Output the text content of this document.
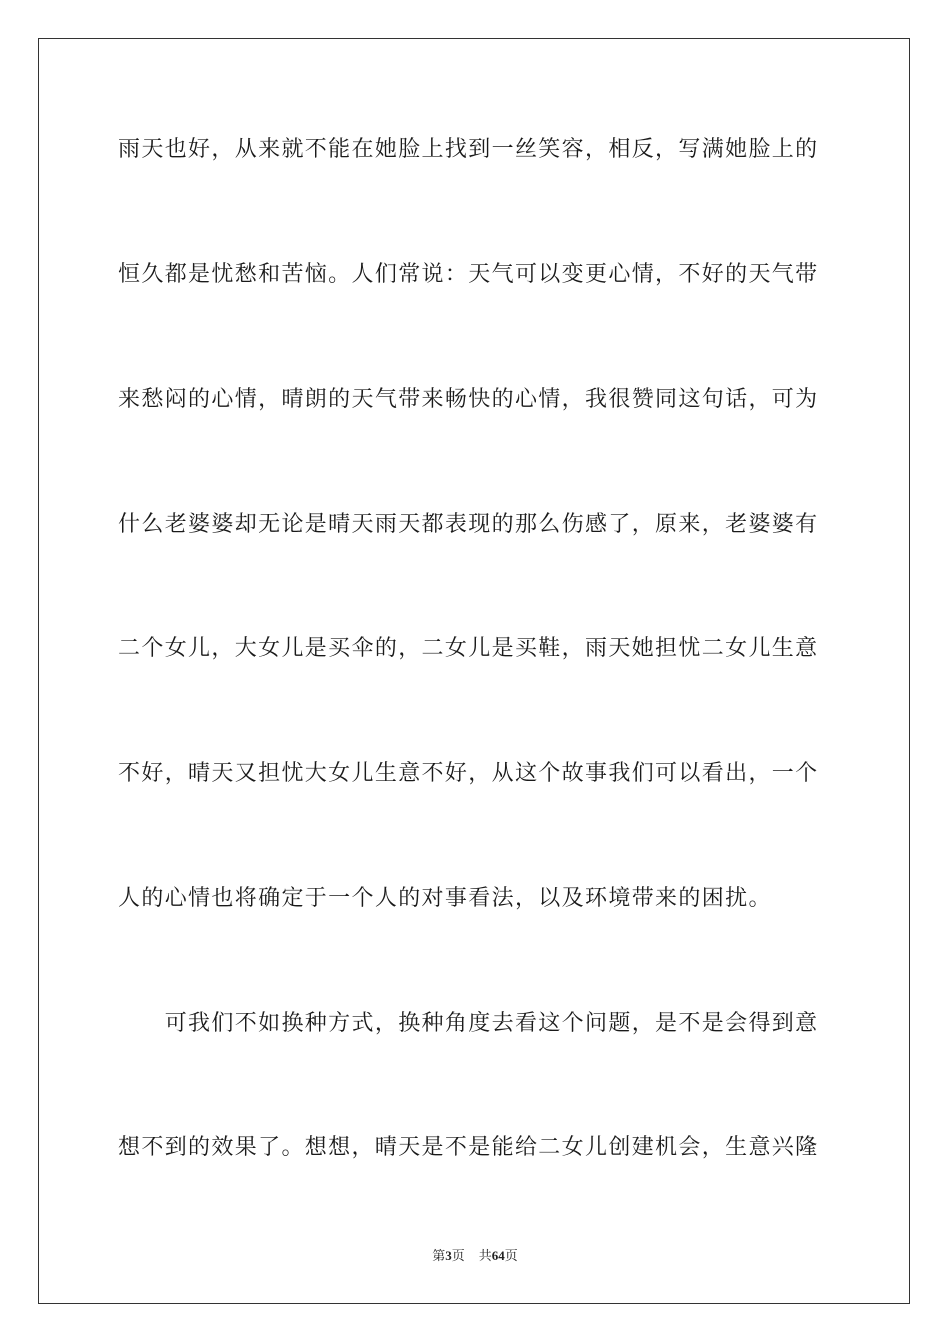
雨天也好，从来就不能在她脸上找到一丝笑容，相反，写满她脸上的
恒久都是忧愁和苦恼。人们常说：天气可以变更心情，不好的天气带
来愁闷的心情，晴朗的天气带来畅快的心情，我很赞同这句话，可为
什么老婆婆却无论是晴天雨天都表现的那么伤感了，原来，老婆婆有
二个女儿，大女儿是买伞的，二女儿是买鞋，雨天她担忧二女儿生意
不好，晴天又担忧大女儿生意不好，从这个故事我们可以看出，一个
人的心情也将确定于一个人的对事看法，以及环境带来的困扰。
　　可我们不如换种方式，换种角度去看这个问题，是不是会得到意
想不到的效果了。想想，晴天是不是能给二女儿创建机会，生意兴隆
第3页 共64页
